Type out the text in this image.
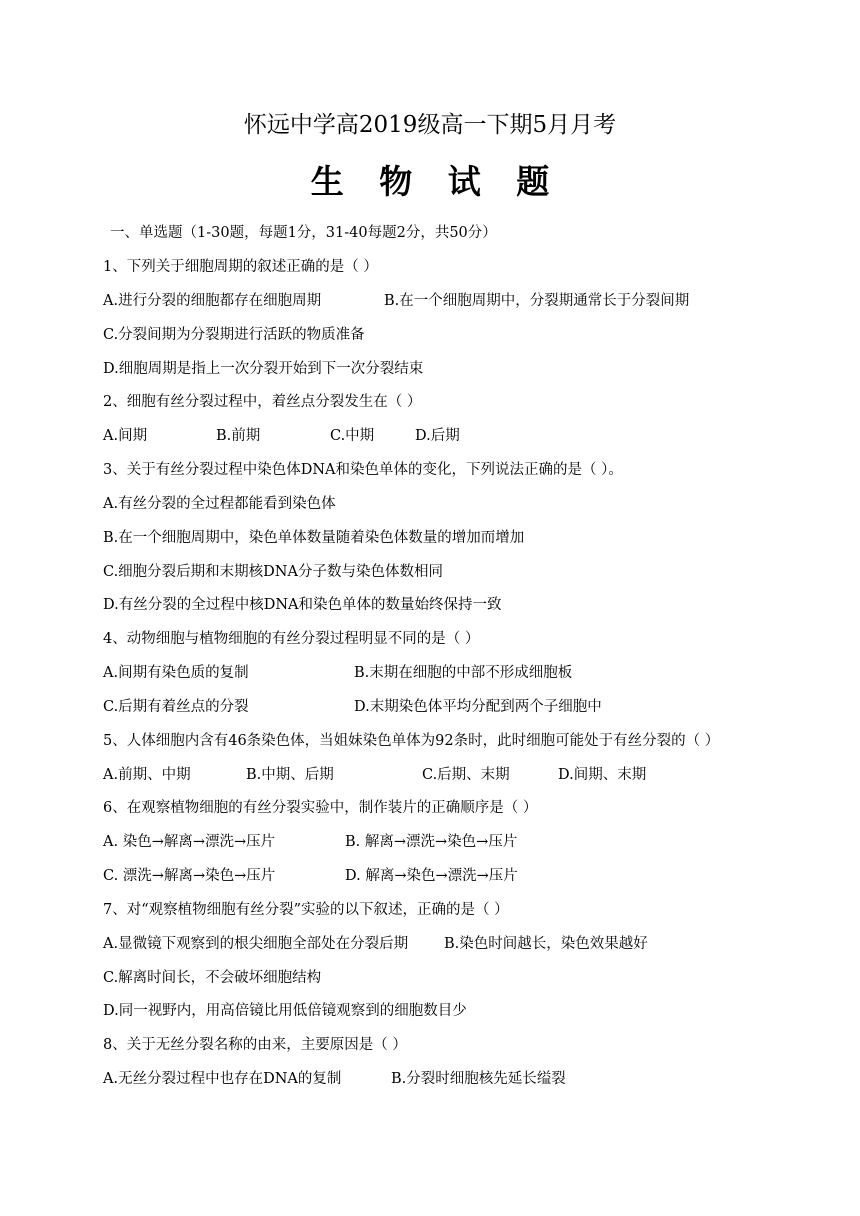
怀远中学高2019级高一下期5月月考
生 物 试 题
一、单选题（1-30题，每题1分，31-40每题2分，共50分）
1、下列关于细胞周期的叙述正确的是（ ）
A.进行分裂的细胞都存在细胞周期	B.在一个细胞周期中，分裂期通常长于分裂间期
C.分裂间期为分裂期进行活跃的物质准备
D.细胞周期是指上一次分裂开始到下一次分裂结束
2、细胞有丝分裂过程中，着丝点分裂发生在（ ）
A.间期	B.前期	C.中期	D.后期
3、关于有丝分裂过程中染色体DNA和染色单体的变化，下列说法正确的是（ ）。
A.有丝分裂的全过程都能看到染色体
B.在一个细胞周期中，染色单体数量随着染色体数量的增加而增加
C.细胞分裂后期和末期核DNA分子数与染色体数相同
D.有丝分裂的全过程中核DNA和染色单体的数量始终保持一致
4、动物细胞与植物细胞的有丝分裂过程明显不同的是（ ）
A.间期有染色质的复制	B.末期在细胞的中部不形成细胞板
C.后期有着丝点的分裂	D.末期染色体平均分配到两个子细胞中
5、人体细胞内含有46条染色体，当姐妹染色单体为92条时，此时细胞可能处于有丝分裂的（ ）
A.前期、中期	B.中期、后期	C.后期、末期	D.间期、末期
6、在观察植物细胞的有丝分裂实验中，制作装片的正确顺序是（ ）
A. 染色→解离→漂洗→压片	B. 解离→漂洗→染色→压片
C. 漂洗→解离→染色→压片	D. 解离→染色→漂洗→压片
7、对“观察植物细胞有丝分裂”实验的以下叙述，正确的是（ ）
A.显微镜下观察到的根尖细胞全部处在分裂后期 B.染色时间越长，染色效果越好
C.解离时间长，不会破坏细胞结构
D.同一视野内，用高倍镜比用低倍镜观察到的细胞数目少
8、关于无丝分裂名称的由来，主要原因是（ ）
A.无丝分裂过程中也存在DNA的复制	B.分裂时细胞核先延长缢裂
